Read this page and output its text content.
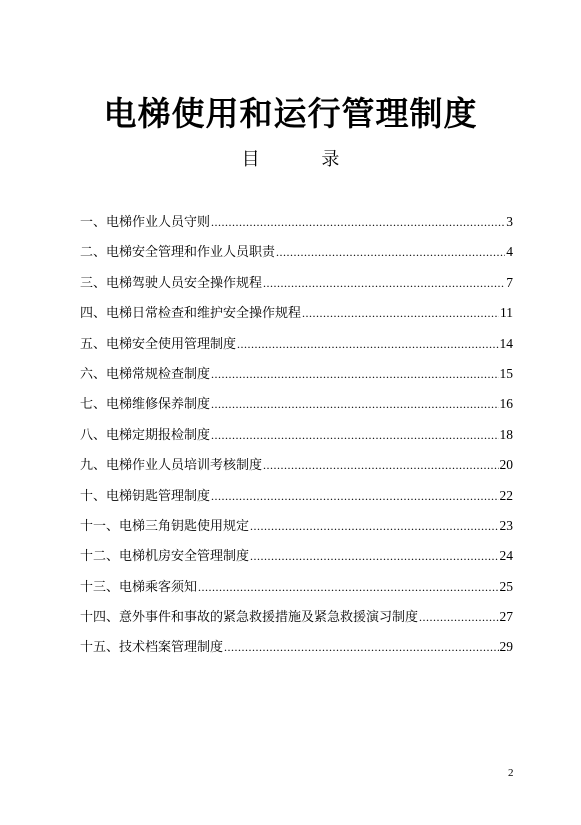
电梯使用和运行管理制度
目 录
一、电梯作业人员守则 .....	3
二、电梯安全管理和作业人员职责 .....	4
三、电梯驾驶人员安全操作规程 .....	7
四、电梯日常检查和维护安全操作规程 .....	11
五、电梯安全使用管理制度 .....	14
六、电梯常规检查制度 .....	15
七、电梯维修保养制度 .....	16
八、电梯定期报检制度 .....	18
九、电梯作业人员培训考核制度 .....	20
十、电梯钥匙管理制度 .....	22
十一、电梯三角钥匙使用规定 .....	23
十二、电梯机房安全管理制度 .....	24
十三、电梯乘客须知 .....	25
十四、意外事件和事故的紧急救援措施及紧急救援演习制度 .....	27
十五、技术档案管理制度 .....	29
2
